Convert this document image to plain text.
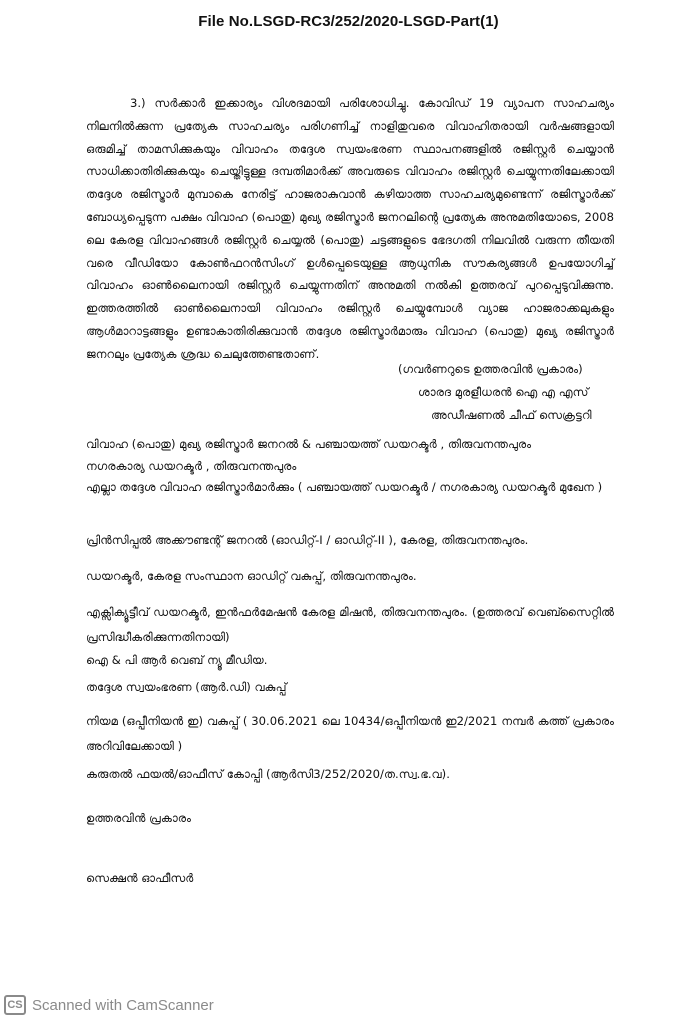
File No.LSGD-RC3/252/2020-LSGD-Part(1)
3.) സർക്കാർ ഇക്കാര്യം വിശദമായി പരിശോധിച്ചു. കോവിഡ് 19 വ്യാപന സാഹചര്യം നിലനിൽക്കുന്ന പ്രത്യേക സാഹചര്യം പരിഗണിച്ച് നാളിതുവരെ വിവാഹിതരായി വർഷങ്ങളായി ഒരുമിച്ച് താമസിക്കുകയും വിവാഹം തദ്ദേശ സ്വയംഭരണ സ്ഥാപനങ്ങളിൽ രജിസ്റ്റർ ചെയ്യാൻ സാധിക്കാതിരിക്കുകയും ചെയ്തിട്ടുള്ള ദമ്പതിമാർക്ക് അവരുടെ വിവാഹം രജിസ്റ്റർ ചെയ്യുന്നതിലേക്കായി തദ്ദേശ രജിസ്ട്രാർ മുമ്പാകെ നേരിട്ട് ഹാജരാകുവാൻ കഴിയാത്ത സാഹചര്യമുണ്ടെന്ന് രജിസ്ട്രാർക്ക് ബോധ്യപ്പെടുന്ന പക്ഷം വിവാഹ (പൊതു) മുഖ്യ രജിസ്ട്രാർ ജനറലിന്റെ പ്രത്യേക അനുമതിയോടെ, 2008 ലെ കേരള വിവാഹങ്ങൾ രജിസ്റ്റർ ചെയ്യൽ (പൊതു) ചട്ടങ്ങളുടെ ഭേദഗതി നിലവിൽ വരുന്ന തീയതി വരെ വീഡിയോ കോൺഫറൻസിംഗ് ഉൾപ്പെടെയുള്ള ആധുനിക സൗകര്യങ്ങൾ ഉപയോഗിച്ച് വിവാഹം ഓൺലൈനായി രജിസ്റ്റർ ചെയ്യുന്നതിന് അനുമതി നൽകി ഉത്തരവ് പുറപ്പെടുവിക്കുന്നു. ഇത്തരത്തിൽ ഓൺലൈനായി വിവാഹം രജിസ്റ്റർ ചെയ്യുമ്പോൾ വ്യാജ ഹാജരാക്കലുകളും ആൾമാറാട്ടങ്ങളും ഉണ്ടാകാതിരിക്കുവാൻ തദ്ദേശ രജിസ്ട്രാർമാരും വിവാഹ (പൊതു) മുഖ്യ രജിസ്ട്രാർ ജനറലും പ്രത്യേക ശ്രദ്ധ ചെലുത്തേണ്ടതാണ്.
(ഗവർണറുടെ ഉത്തരവിൻ പ്രകാരം)
ശാരദ മുരളീധരൻ ഐ എ എസ്
അഡീഷണൽ ചീഫ് സെക്രട്ടറി
വിവാഹ (പൊതു) മുഖ്യ രജിസ്ട്രാർ ജനറൽ & പഞ്ചായത്ത് ഡയറക്ടർ , തിരുവനന്തപുരം
നഗരകാര്യ ഡയറക്ടർ , തിരുവനന്തപുരം
എല്ലാ തദ്ദേശ വിവാഹ രജിസ്ട്രാർമാർക്കും ( പഞ്ചായത്ത് ഡയറക്ടർ / നഗരകാര്യ ഡയറക്ടർ മുഖേന )
പ്രിൻസിപ്പൽ അക്കൗണ്ടന്റ് ജനറൽ (ഓഡിറ്റ്-I / ഓഡിറ്റ്-II ), കേരള, തിരുവനന്തപുരം.
ഡയറക്ടർ, കേരള സംസ്ഥാന ഓഡിറ്റ് വകുപ്പ്, തിരുവനന്തപുരം.
എക്സിക്യൂട്ടീവ് ഡയറക്ടർ, ഇൻഫർമേഷൻ കേരള മിഷൻ, തിരുവനന്തപുരം. (ഉത്തരവ് വെബ്സൈറ്റിൽ പ്രസിദ്ധീകരിക്കുന്നതിനായി)
ഐ & പി ആർ വെബ് ന്യൂ മീഡിയ.
തദ്ദേശ സ്വയംഭരണ (ആർ.ഡി) വകുപ്പ്
നിയമ (ഒപ്പീനിയൻ ഇ) വകുപ്പ് ( 30.06.2021 ലെ 10434/ഒപ്പീനിയൻ ഇ2/2021 നമ്പർ കത്ത് പ്രകാരം അറിവിലേക്കായി )
കരുതൽ ഫയൽ/ഓഫീസ് കോപ്പി (ആർസി3/252/2020/ത.സ്വ.ഭ.വ).
ഉത്തരവിൻ പ്രകാരം
സെക്ഷൻ ഓഫീസർ
CS Scanned with CamScanner
